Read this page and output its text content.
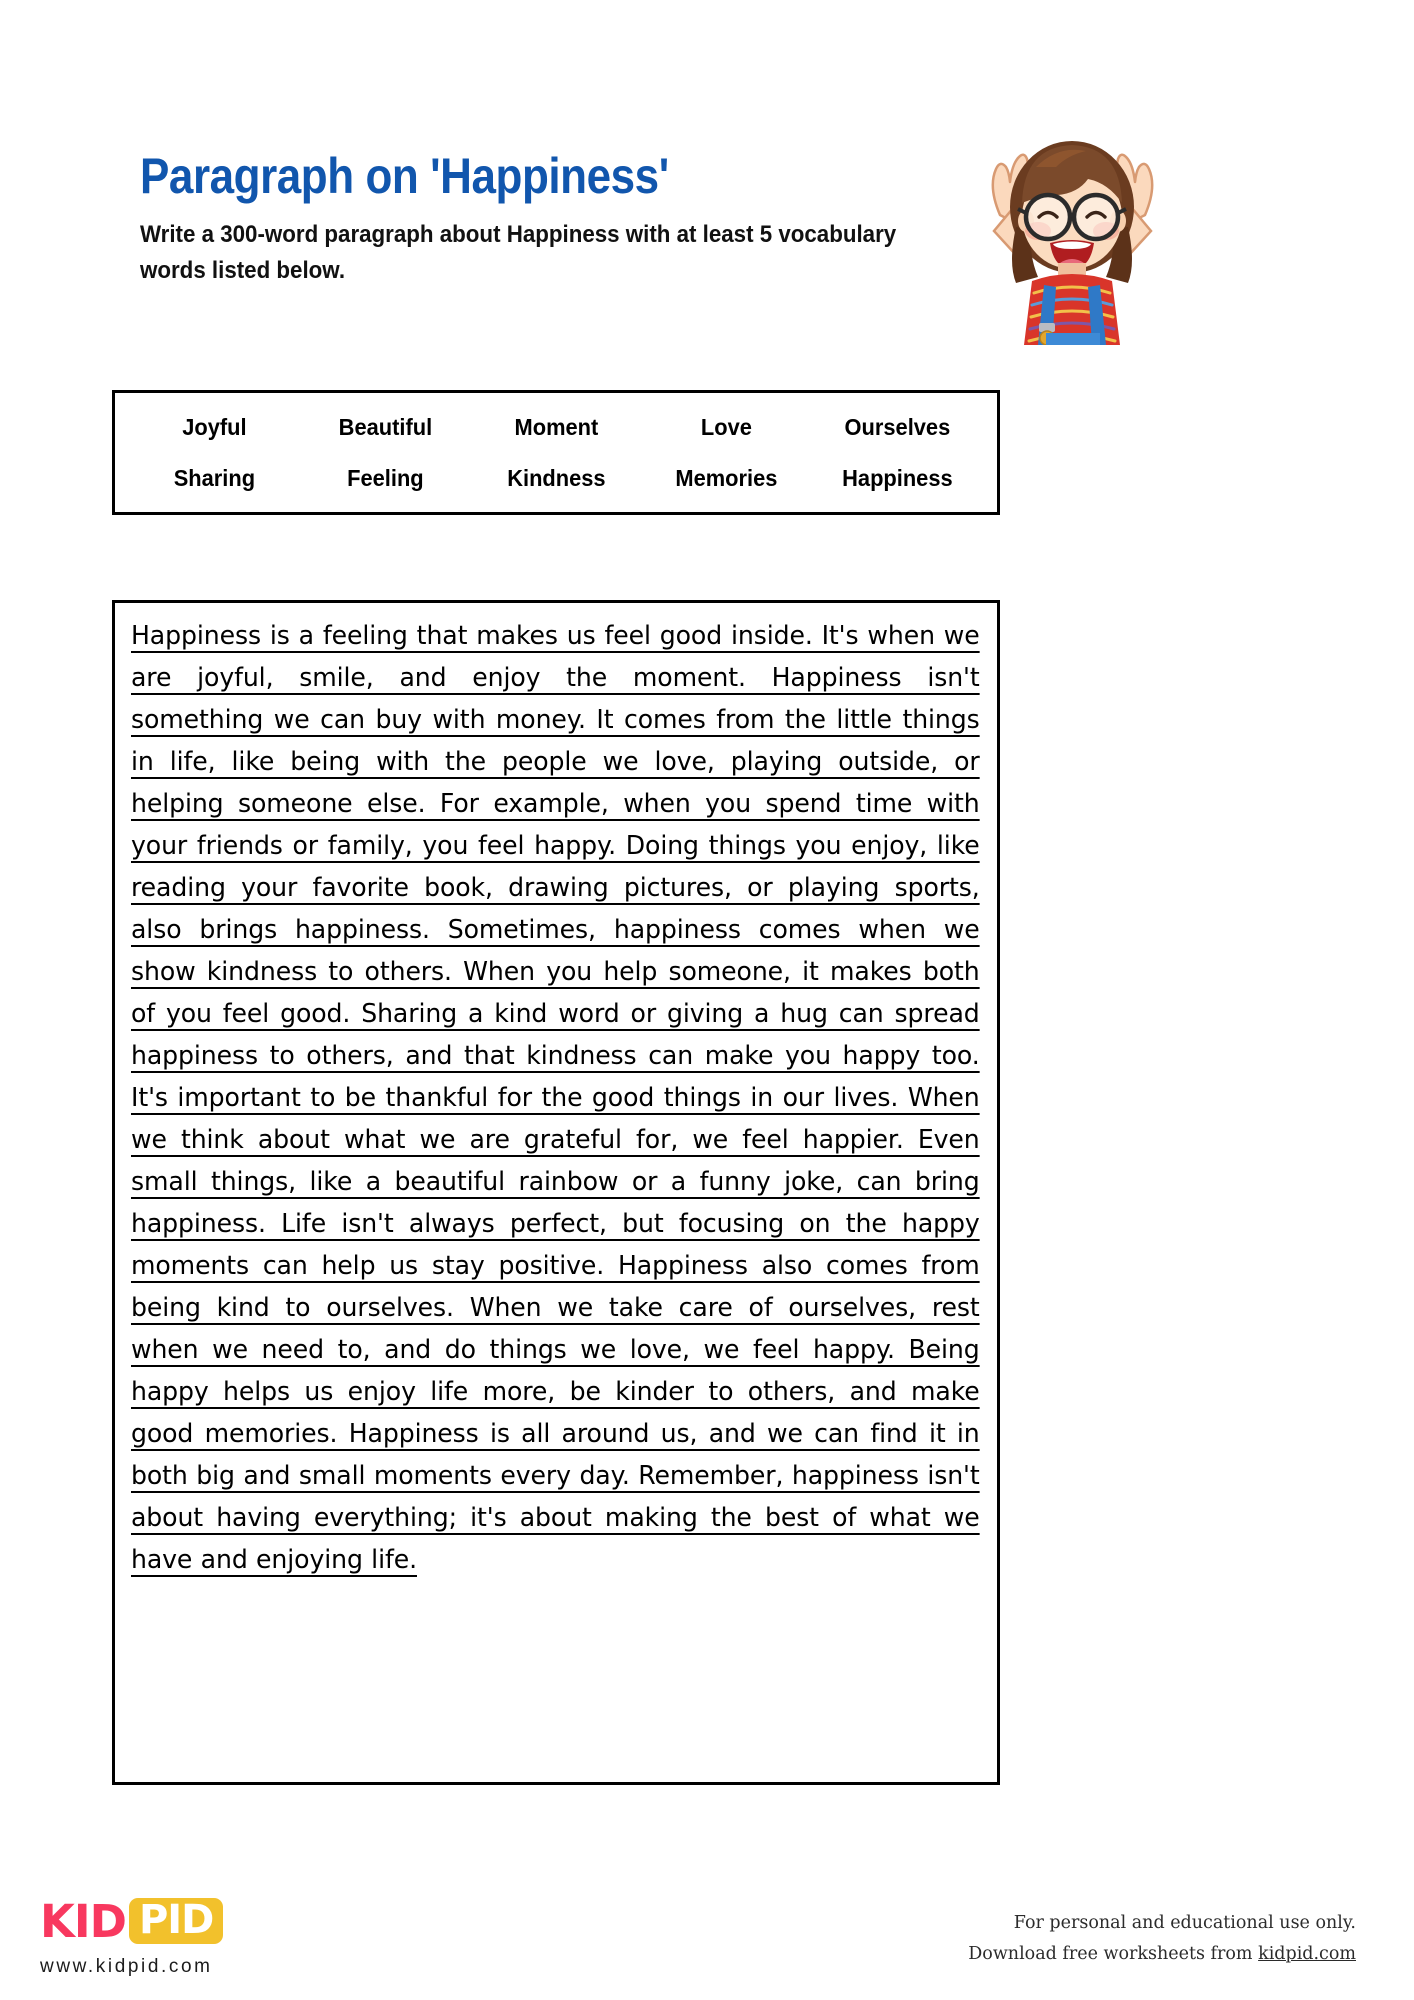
Paragraph on 'Happiness'

Write a 300-word paragraph about Happiness with at least 5 vocabulary words listed below.

Joyful	Beautiful	Moment	Love	Ourselves
Sharing	Feeling	Kindness	Memories	Happiness

Happiness is a feeling that makes us feel good inside. It's when we are joyful, smile, and enjoy the moment. Happiness isn't something we can buy with money. It comes from the little things in life, like being with the people we love, playing outside, or helping someone else. For example, when you spend time with your friends or family, you feel happy. Doing things you enjoy, like reading your favorite book, drawing pictures, or playing sports, also brings happiness. Sometimes, happiness comes when we show kindness to others. When you help someone, it makes both of you feel good. Sharing a kind word or giving a hug can spread happiness to others, and that kindness can make you happy too. It's important to be thankful for the good things in our lives. When we think about what we are grateful for, we feel happier. Even small things, like a beautiful rainbow or a funny joke, can bring happiness. Life isn't always perfect, but focusing on the happy moments can help us stay positive. Happiness also comes from being kind to ourselves. When we take care of ourselves, rest when we need to, and do things we love, we feel happy. Being happy helps us enjoy life more, be kinder to others, and make good memories. Happiness is all around us, and we can find it in both big and small moments every day. Remember, happiness isn't about having everything; it's about making the best of what we have and enjoying life.

KID PID
www.kidpid.com
For personal and educational use only.
Download free worksheets from kidpid.com
